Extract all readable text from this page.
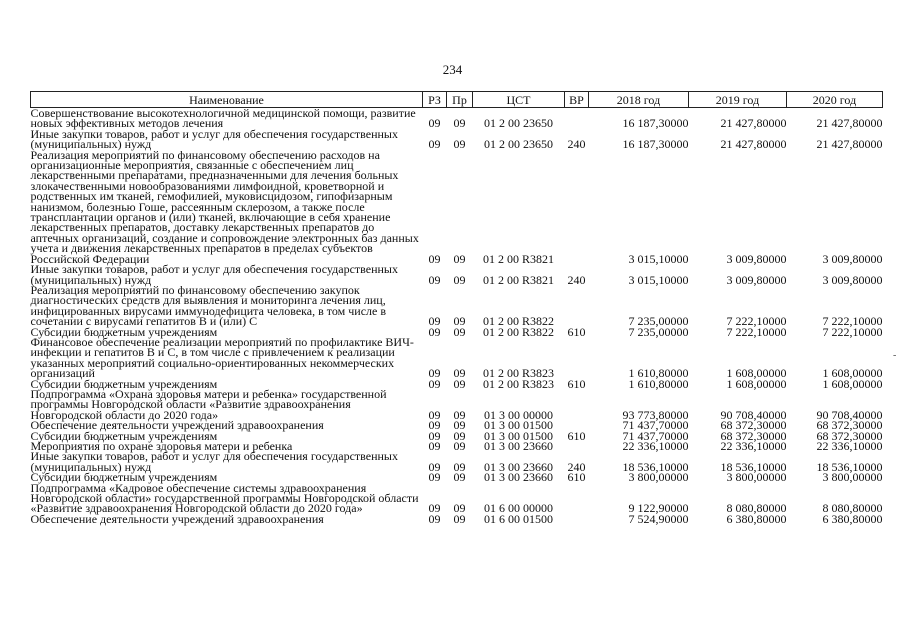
234
Наименование	РЗ	Пр	ЦСТ	ВР	2018 год	2019 год	2020 год
Совершенствование высокотехнологичной медицинской помощи, развитие новых эффективных методов лечения	09	09	01 2 00 23650		16 187,30000	21 427,80000	21 427,80000
Иные закупки товаров, работ и услуг для обеспечения государственных (муниципальных) нужд	09	09	01 2 00 23650	240	16 187,30000	21 427,80000	21 427,80000
Реализация мероприятий по финансовому обеспечению расходов на организационные мероприятия, связанные с обеспечением лиц лекарственными препаратами, предназначенными для лечения больных злокачественными новообразованиями лимфоидной, кроветворной и родственных им тканей, гемофилией, муковисцидозом, гипофизарным нанизмом, болезнью Гоше, рассеянным склерозом, а также после трансплантации органов и (или) тканей, включающие в себя хранение лекарственных препаратов, доставку лекарственных препаратов до аптечных организаций, создание и сопровождение электронных баз данных учета и движения лекарственных препаратов в пределах субъектов Российской Федерации	09	09	01 2 00 R3821		3 015,10000	3 009,80000	3 009,80000
Иные закупки товаров, работ и услуг для обеспечения государственных (муниципальных) нужд	09	09	01 2 00 R3821	240	3 015,10000	3 009,80000	3 009,80000
Реализация мероприятий по финансовому обеспечению закупок диагностических средств для выявления и мониторинга лечения лиц, инфицированных вирусами иммунодефицита человека, в том числе в сочетании с вирусами гепатитов В и (или) С	09	09	01 2 00 R3822		7 235,00000	7 222,10000	7 222,10000
Субсидии бюджетным учреждениям	09	09	01 2 00 R3822	610	7 235,00000	7 222,10000	7 222,10000
Финансовое обеспечение реализации мероприятий по профилактике ВИЧ-инфекции и гепатитов В и С, в том числе с привлечением к реализации указанных мероприятий социально-ориентированных некоммерческих организаций	09	09	01 2 00 R3823		1 610,80000	1 608,00000	1 608,00000
Субсидии бюджетным учреждениям	09	09	01 2 00 R3823	610	1 610,80000	1 608,00000	1 608,00000
Подпрограмма «Охрана здоровья матери и ребенка» государственной программы Новгородской области «Развитие здравоохранения Новгородской области до 2020 года»	09	09	01 3 00 00000		93 773,80000	90 708,40000	90 708,40000
Обеспечение деятельности учреждений здравоохранения	09	09	01 3 00 01500		71 437,70000	68 372,30000	68 372,30000
Субсидии бюджетным учреждениям	09	09	01 3 00 01500	610	71 437,70000	68 372,30000	68 372,30000
Мероприятия по охране здоровья матери и ребенка	09	09	01 3 00 23660		22 336,10000	22 336,10000	22 336,10000
Иные закупки товаров, работ и услуг для обеспечения государственных (муниципальных) нужд	09	09	01 3 00 23660	240	18 536,10000	18 536,10000	18 536,10000
Субсидии бюджетным учреждениям	09	09	01 3 00 23660	610	3 800,00000	3 800,00000	3 800,00000
Подпрограмма «Кадровое обеспечение системы здравоохранения Новгородской области» государственной программы Новгородской области «Развитие здравоохранения Новгородской области до 2020 года»	09	09	01 6 00 00000		9 122,90000	8 080,80000	8 080,80000
Обеспечение деятельности учреждений здравоохранения	09	09	01 6 00 01500		7 524,90000	6 380,80000	6 380,80000
-
